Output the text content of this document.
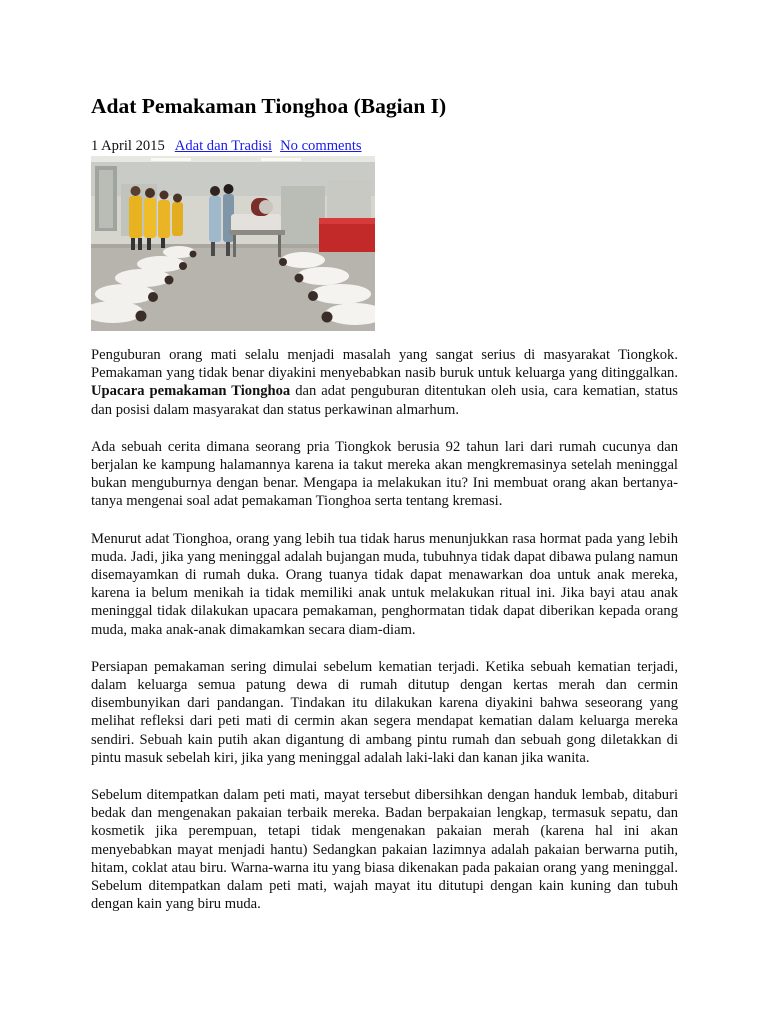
Adat Pemakaman Tionghoa (Bagian I)
1 April 2015 Adat dan Tradisi No comments

Penguburan orang mati selalu menjadi masalah yang sangat serius di masyarakat Tiongkok. Pemakaman yang tidak benar diyakini menyebabkan nasib buruk untuk keluarga yang ditinggalkan. Upacara pemakaman Tionghoa dan adat penguburan ditentukan oleh usia, cara kematian, status dan posisi dalam masyarakat dan status perkawinan almarhum.

Ada sebuah cerita dimana seorang pria Tiongkok berusia 92 tahun lari dari rumah cucunya dan berjalan ke kampung halamannya karena ia takut mereka akan mengkremasinya setelah meninggal bukan menguburnya dengan benar. Mengapa ia melakukan itu? Ini membuat orang akan bertanya-tanya mengenai soal adat pemakaman Tionghoa serta tentang kremasi.

Menurut adat Tionghoa, orang yang lebih tua tidak harus menunjukkan rasa hormat pada yang lebih muda. Jadi, jika yang meninggal adalah bujangan muda, tubuhnya tidak dapat dibawa pulang namun disemayamkan di rumah duka. Orang tuanya tidak dapat menawarkan doa untuk anak mereka, karena ia belum menikah ia tidak memiliki anak untuk melakukan ritual ini. Jika bayi atau anak meninggal tidak dilakukan upacara pemakaman, penghormatan tidak dapat diberikan kepada orang muda, maka anak-anak dimakamkan secara diam-diam.

Persiapan pemakaman sering dimulai sebelum kematian terjadi. Ketika sebuah kematian terjadi, dalam keluarga semua patung dewa di rumah ditutup dengan kertas merah dan cermin disembunyikan dari pandangan. Tindakan itu dilakukan karena diyakini bahwa seseorang yang melihat refleksi dari peti mati di cermin akan segera mendapat kematian dalam keluarga mereka sendiri. Sebuah kain putih akan digantung di ambang pintu rumah dan sebuah gong diletakkan di pintu masuk sebelah kiri, jika yang meninggal adalah laki-laki dan kanan jika wanita.

Sebelum ditempatkan dalam peti mati, mayat tersebut dibersihkan dengan handuk lembab, ditaburi bedak dan mengenakan pakaian terbaik mereka. Badan berpakaian lengkap, termasuk sepatu, dan kosmetik jika perempuan, tetapi tidak mengenakan pakaian merah (karena hal ini akan menyebabkan mayat menjadi hantu) Sedangkan pakaian lazimnya adalah pakaian berwarna putih, hitam, coklat atau biru. Warna-warna itu yang biasa dikenakan pada pakaian orang yang meninggal. Sebelum ditempatkan dalam peti mati, wajah mayat itu ditutupi dengan kain kuning dan tubuh dengan kain yang biru muda.
